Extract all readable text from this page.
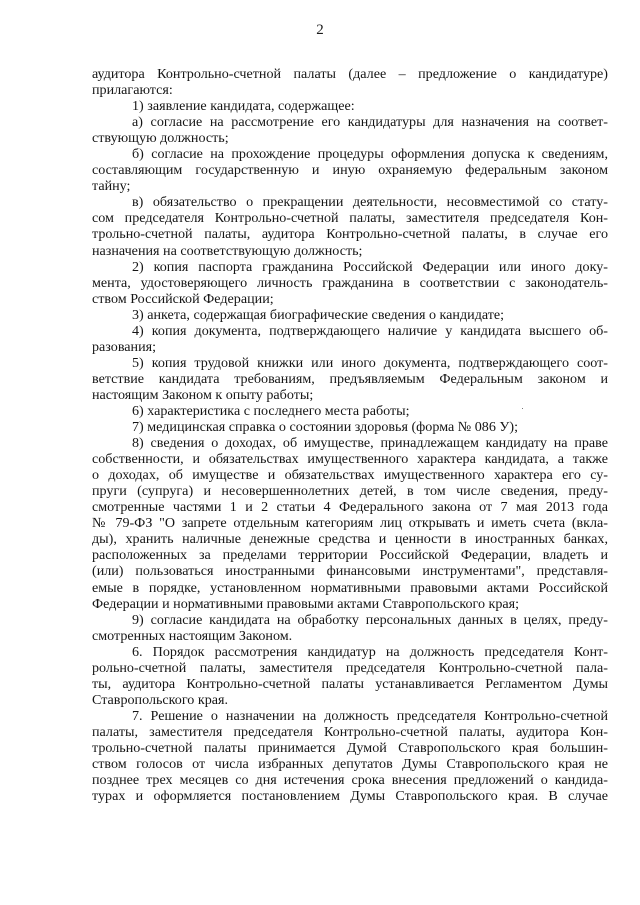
2

аудитора Контрольно-счетной палаты (далее – предложение о кандидатуре)
прилагаются:
1) заявление кандидата, содержащее:
а) согласие на рассмотрение его кандидатуры для назначения на соответ-
ствующую должность;
б) согласие на прохождение процедуры оформления допуска к сведениям,
составляющим государственную и иную охраняемую федеральным законом
тайну;
в) обязательство о прекращении деятельности, несовместимой со стату-
сом председателя Контрольно-счетной палаты, заместителя председателя Кон-
трольно-счетной палаты, аудитора Контрольно-счетной палаты, в случае его
назначения на соответствующую должность;
2) копия паспорта гражданина Российской Федерации или иного доку-
мента, удостоверяющего личность гражданина в соответствии с законодатель-
ством Российской Федерации;
3) анкета, содержащая биографические сведения о кандидате;
4) копия документа, подтверждающего наличие у кандидата высшего об-
разования;
5) копия трудовой книжки или иного документа, подтверждающего соот-
ветствие кандидата требованиям, предъявляемым Федеральным законом и
настоящим Законом к опыту работы;
6) характеристика с последнего места работы;
7) медицинская справка о состоянии здоровья (форма № 086 У);
8) сведения о доходах, об имуществе, принадлежащем кандидату на праве
собственности, и обязательствах имущественного характера кандидата, а также
о доходах, об имуществе и обязательствах имущественного характера его су-
пруги (супруга) и несовершеннолетних детей, в том числе сведения, преду-
смотренные частями 1 и 2 статьи 4 Федерального закона от 7 мая 2013 года
№ 79-ФЗ "О запрете отдельным категориям лиц открывать и иметь счета (вкла-
ды), хранить наличные денежные средства и ценности в иностранных банках,
расположенных за пределами территории Российской Федерации, владеть и
(или) пользоваться иностранными финансовыми инструментами", представля-
емые в порядке, установленном нормативными правовыми актами Российской
Федерации и нормативными правовыми актами Ставропольского края;
9) согласие кандидата на обработку персональных данных в целях, преду-
смотренных настоящим Законом.
6. Порядок рассмотрения кандидатур на должность председателя Конт-
рольно-счетной палаты, заместителя председателя Контрольно-счетной пала-
ты, аудитора Контрольно-счетной палаты устанавливается Регламентом Думы
Ставропольского края.
7. Решение о назначении на должность председателя Контрольно-счетной
палаты, заместителя председателя Контрольно-счетной палаты, аудитора Кон-
трольно-счетной палаты принимается Думой Ставропольского края большин-
ством голосов от числа избранных депутатов Думы Ставропольского края не
позднее трех месяцев со дня истечения срока внесения предложений о кандида-
турах и оформляется постановлением Думы Ставропольского края. В случае
